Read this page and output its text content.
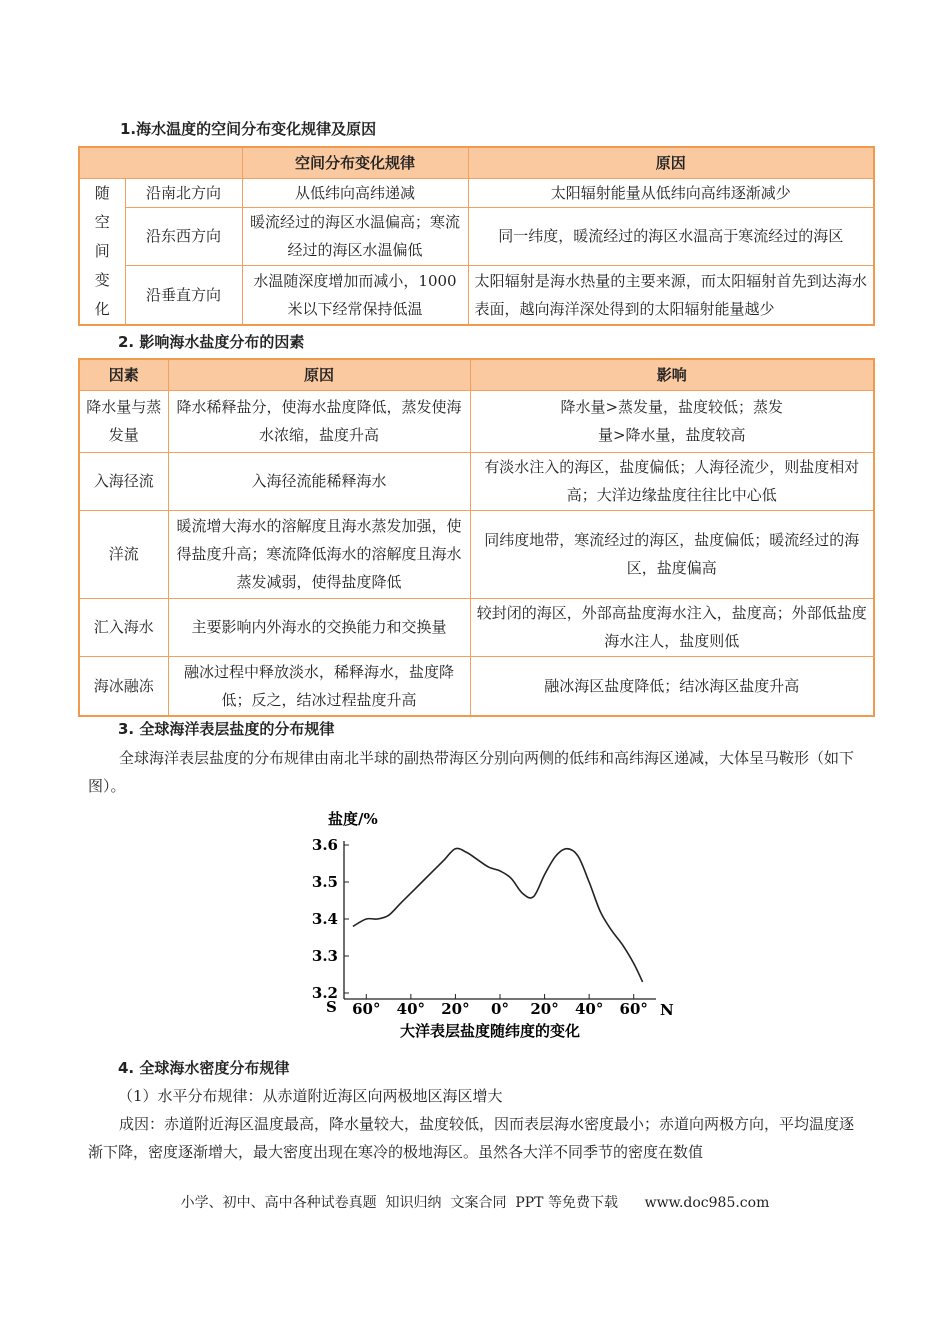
1.海水温度的空间分布变化规律及原因

		空间分布变化规律	原因
随空间变化	沿南北方向	从低纬向高纬递减	太阳辐射能量从低纬向高纬逐渐减少
	沿东西方向	暖流经过的海区水温偏高；寒流经过的海区水温偏低	同一纬度，暖流经过的海区水温高于寒流经过的海区
	沿垂直方向	水温随深度增加而减小，1000 米以下经常保持低温	太阳辐射是海水热量的主要来源，而太阳辐射首先到达海水表面，越向海洋深处得到的太阳辐射能量越少

2. 影响海水盐度分布的因素

因素	原因	影响
降水量与蒸发量	降水稀释盐分，使海水盐度降低，蒸发使海水浓缩，盐度升高	降水量>蒸发量，盐度较低；蒸发量>降水量，盐度较高
入海径流	入海径流能稀释海水	有淡水注入的海区，盐度偏低；人海径流少，则盐度相对高；大洋边缘盐度往往比中心低
洋流	暖流增大海水的溶解度且海水蒸发加强，使得盐度升高；寒流降低海水的溶解度且海水蒸发减弱，使得盐度降低	同纬度地带，寒流经过的海区，盐度偏低；暖流经过的海区，盐度偏高
汇入海水	主要影响内外海水的交换能力和交换量	较封闭的海区，外部高盐度海水注入，盐度高；外部低盐度海水注人，盐度则低
海冰融冻	融冰过程中释放淡水，稀释海水，盐度降低；反之，结冰过程盐度升高	融冰海区盐度降低；结冰海区盐度升高

3. 全球海洋表层盐度的分布规律

全球海洋表层盐度的分布规律由南北半球的副热带海区分别向两侧的低纬和高纬海区递减，大体呈马鞍形（如下图）。

盐度/%
3.6
3.5
3.4
3.3
3.2
60° 40° 20° 0° 20° 40° 60°
S	N
大洋表层盐度随纬度的变化

4. 全球海水密度分布规律

（1）水平分布规律：从赤道附近海区向两极地区海区增大

成因：赤道附近海区温度最高，降水量较大，盐度较低，因而表层海水密度最小；赤道向两极方向，平均温度逐渐下降，密度逐渐增大，最大密度出现在寒冷的极地海区。虽然各大洋不同季节的密度在数值

小学、初中、高中各种试卷真题  知识归纳  文案合同  PPT 等免费下载      www.doc985.com
